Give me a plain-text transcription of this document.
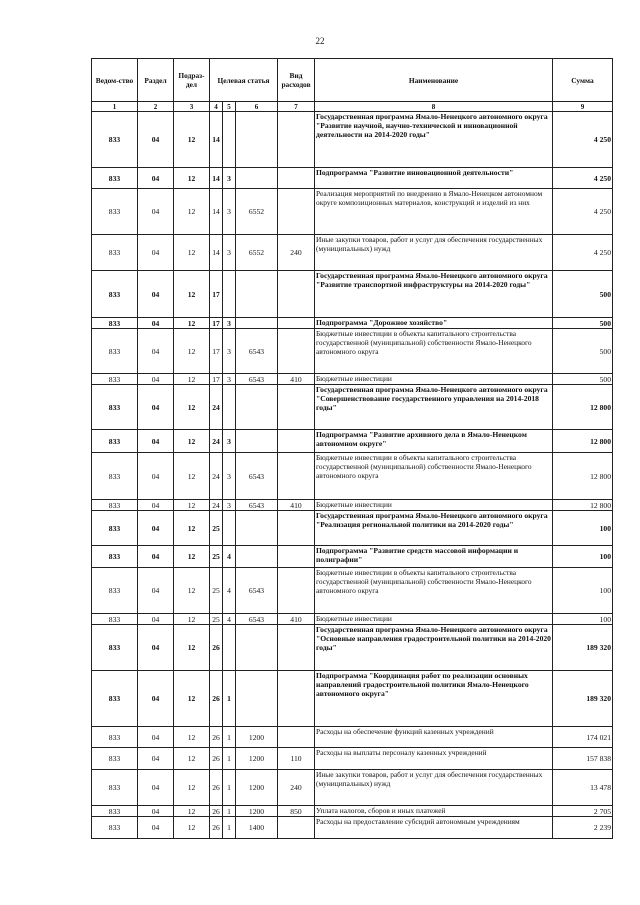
22
Ведом-ство	Раздел	Подраз-дел	Целевая статья			Вид расходов	Наименование	Сумма
1	2	3	4	5	6	7	8	9
833	04	12	14				Государственная программа Ямало-Ненецкого автономного округа "Развитие научной, научно-технической и инновационной деятельности на 2014-2020 годы"	4 250
833	04	12	14	3			Подпрограмма "Развитие инновационной деятельности"	4 250
833	04	12	14	3	6552		Реализация мероприятий по внедрению в Ямало-Ненецком автономном округе композиционных материалов, конструкций и изделий из них	4 250
833	04	12	14	3	6552	240	Иные закупки товаров, работ и услуг для обеспечения государственных (муниципальных) нужд	4 250
833	04	12	17				Государственная программа Ямало-Ненецкого автономного округа "Развитие транспортной инфраструктуры на 2014-2020 годы"	500
833	04	12	17	3			Подпрограмма "Дорожное хозяйство"	500
833	04	12	17	3	6543		Бюджетные инвестиции в объекты капитального строительства государственной (муниципальной) собственности Ямало-Ненецкого автономного округа	500
833	04	12	17	3	6543	410	Бюджетные инвестиции	500
833	04	12	24				Государственная программа Ямало-Ненецкого автономного округа "Совершенствование государственного управления на 2014-2018 годы"	12 800
833	04	12	24	3			Подпрограмма "Развитие архивного дела в Ямало-Ненецком автономном округе"	12 800
833	04	12	24	3	6543		Бюджетные инвестиции в объекты капитального строительства государственной (муниципальной) собственности Ямало-Ненецкого автономного округа	12 800
833	04	12	24	3	6543	410	Бюджетные инвестиции	12 800
833	04	12	25				Государственная программа Ямало-Ненецкого автономного округа "Реализация региональной политики на 2014-2020 годы"	100
833	04	12	25	4			Подпрограмма "Развитие средств массовой информации и полиграфии"	100
833	04	12	25	4	6543		Бюджетные инвестиции в объекты капитального строительства государственной (муниципальной) собственности Ямало-Ненецкого автономного округа	100
833	04	12	25	4	6543	410	Бюджетные инвестиции	100
833	04	12	26				Государственная программа Ямало-Ненецкого автономного округа "Основные направления градостроительной политики на 2014-2020 годы"	189 320
833	04	12	26	1			Подпрограмма "Координация работ по реализации основных направлений градостроительной политики Ямало-Ненецкого автономного округа"	189 320
833	04	12	26	1	1200		Расходы на обеспечение функций казенных учреждений	174 021
833	04	12	26	1	1200	110	Расходы на выплаты персоналу казенных учреждений	157 838
833	04	12	26	1	1200	240	Иные закупки товаров, работ и услуг для обеспечения государственных (муниципальных) нужд	13 478
833	04	12	26	1	1200	850	Уплата налогов, сборов и иных платежей	2 705
833	04	12	26	1	1400		Расходы на предоставление субсидий автономным учреждениям	2 239
